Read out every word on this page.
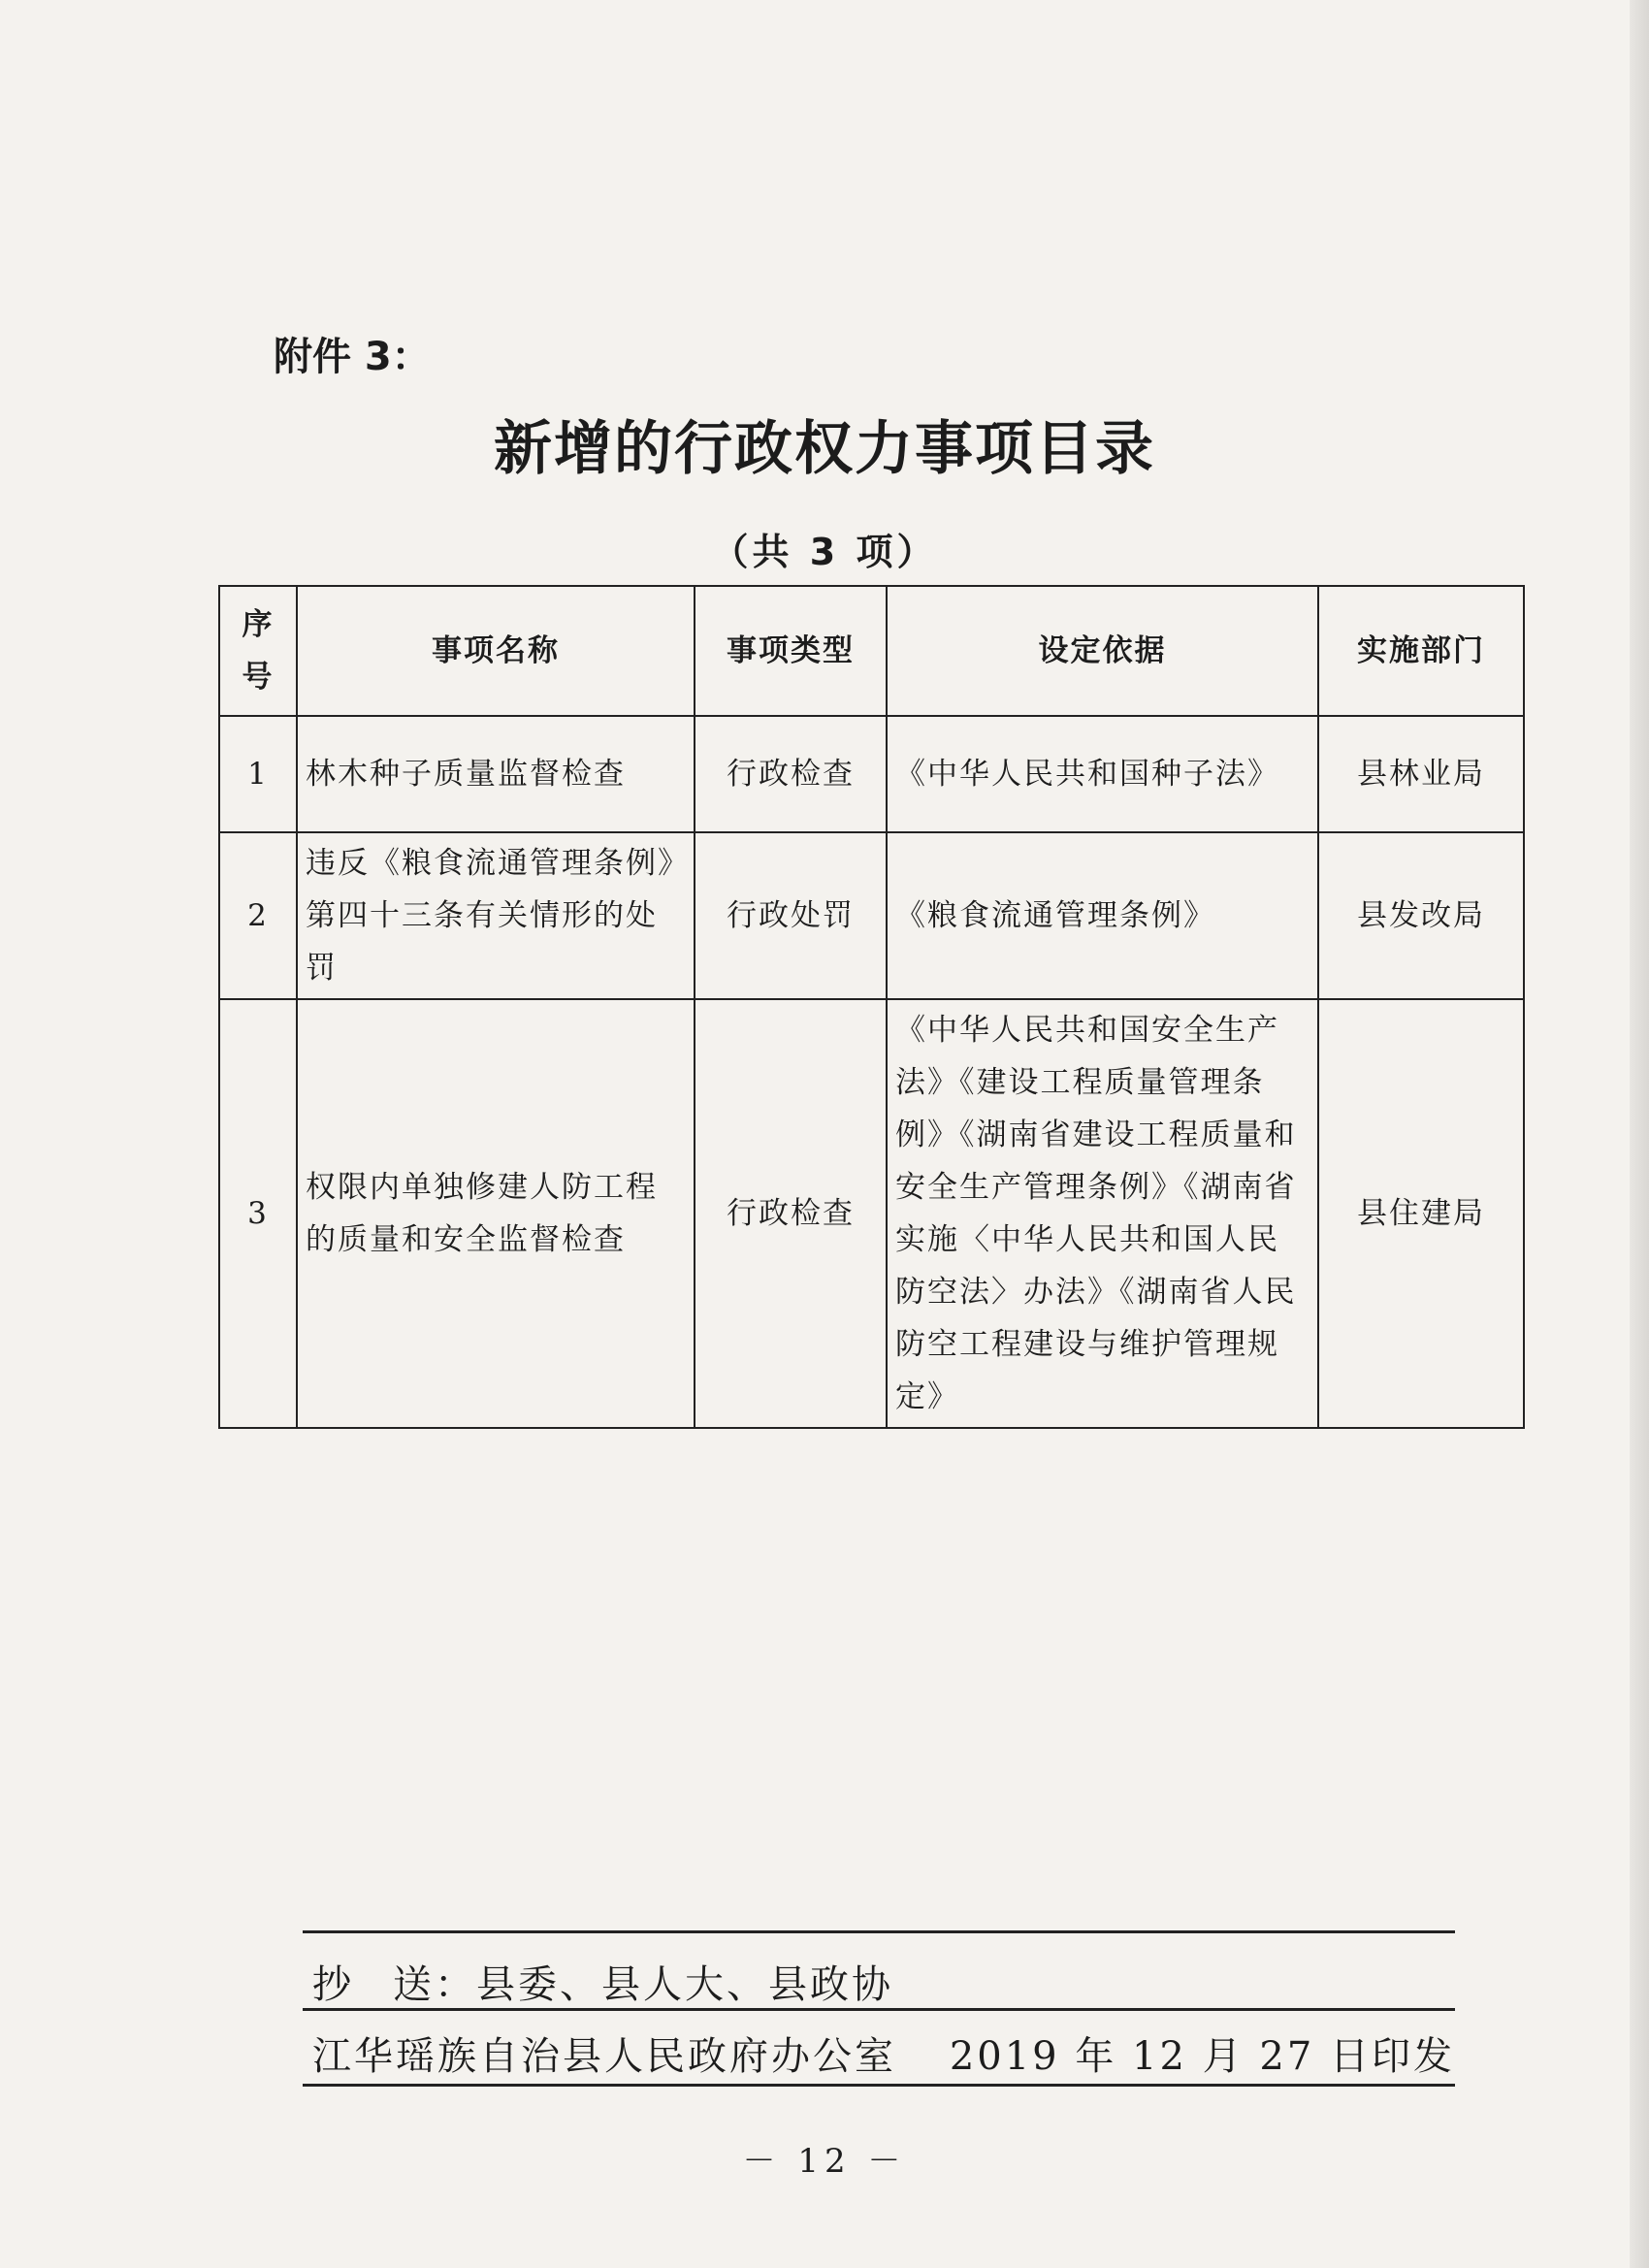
附件 3：
新增的行政权力事项目录
（共 3 项）
序号	事项名称	事项类型	设定依据	实施部门
1	林木种子质量监督检查	行政检查	《中华人民共和国种子法》	县林业局
2	违反《粮食流通管理条例》第四十三条有关情形的处罚	行政处罚	《粮食流通管理条例》	县发改局
3	权限内单独修建人防工程的质量和安全监督检查	行政检查	《中华人民共和国安全生产法》《建设工程质量管理条例》《湖南省建设工程质量和安全生产管理条例》《湖南省实施〈中华人民共和国人民防空法〉办法》《湖南省人民防空工程建设与维护管理规定》	县住建局
抄 送：县委、县人大、县政协
江华瑶族自治县人民政府办公室 2019 年 12 月 27 日印发
－ 12 －
